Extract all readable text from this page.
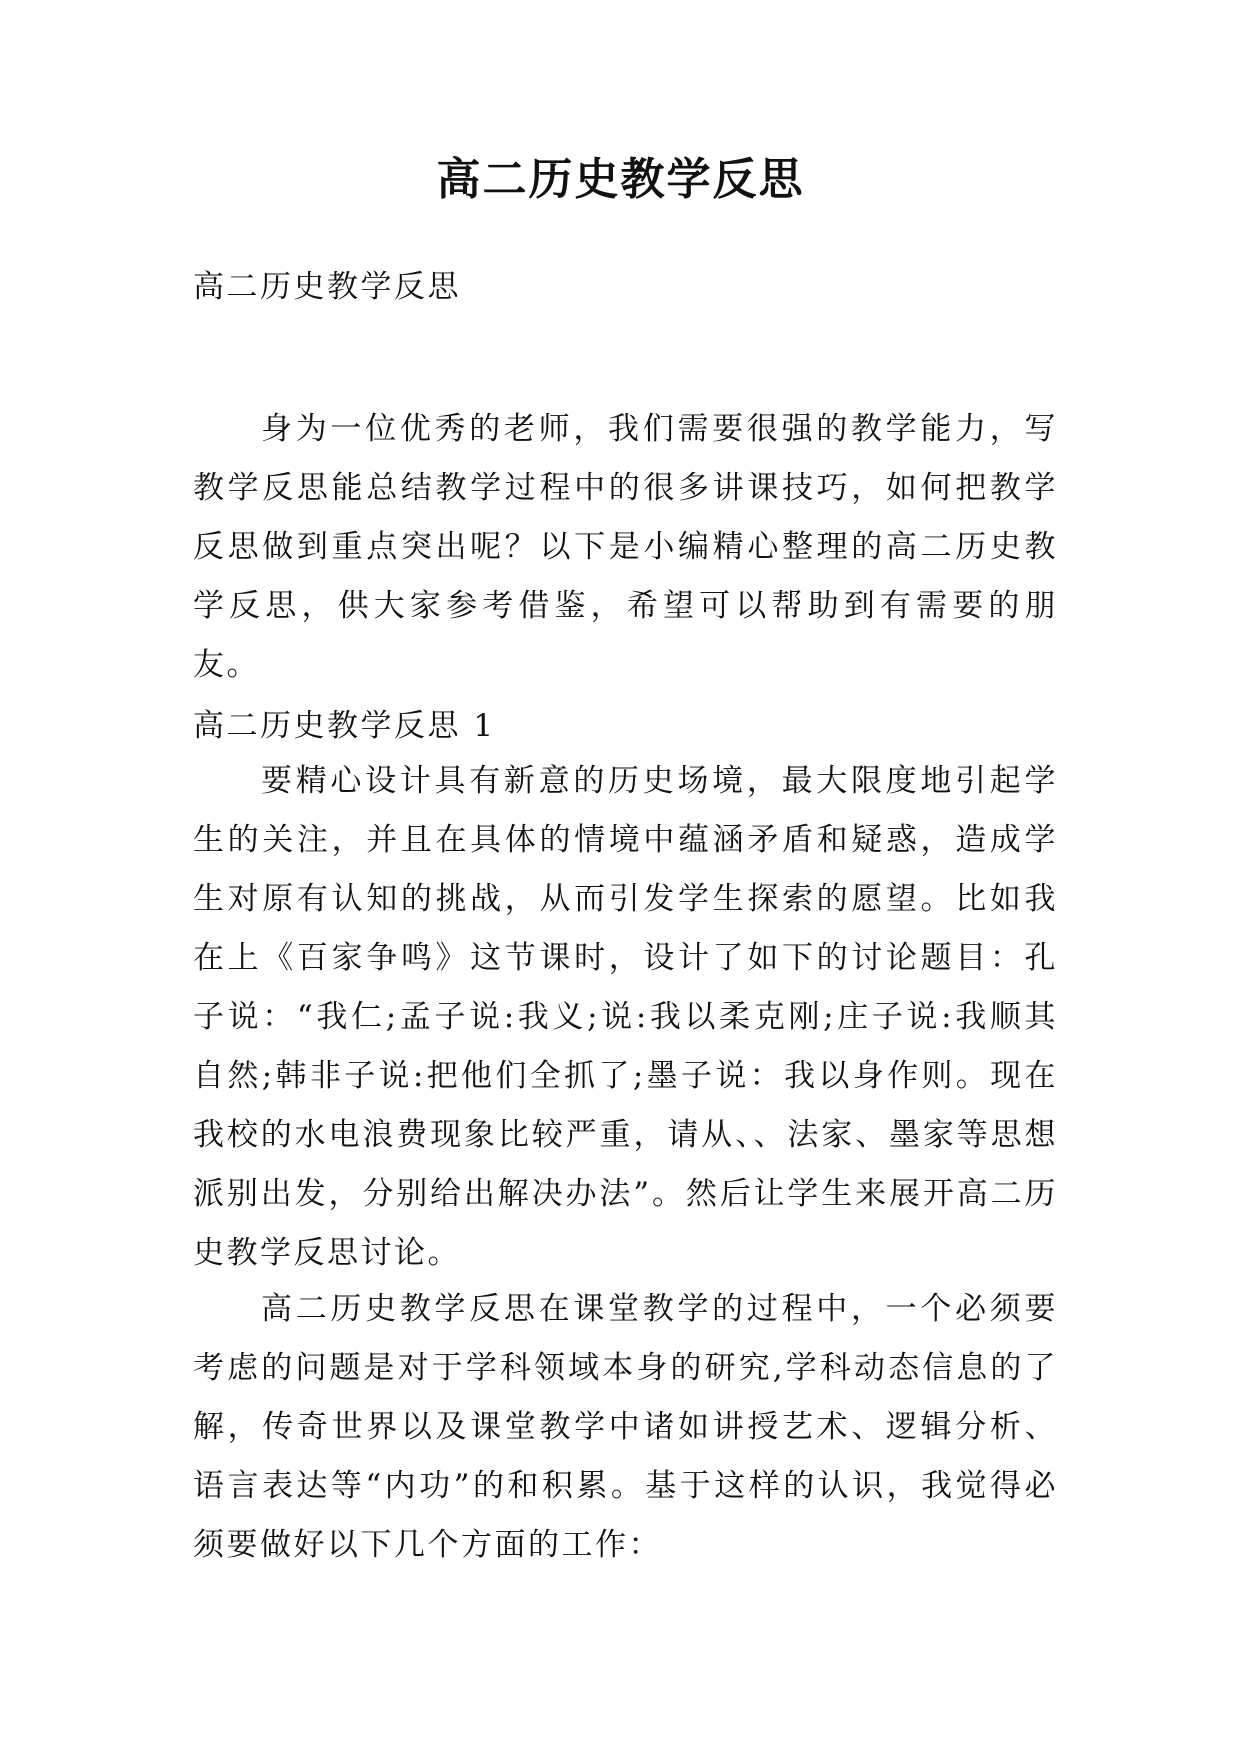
高二历史教学反思

高二历史教学反思

身为一位优秀的老师，我们需要很强的教学能力，写教学反思能总结教学过程中的很多讲课技巧，如何把教学反思做到重点突出呢？以下是小编精心整理的高二历史教学反思，供大家参考借鉴，希望可以帮助到有需要的朋友。

高二历史教学反思 1

要精心设计具有新意的历史场境，最大限度地引起学生的关注，并且在具体的情境中蕴涵矛盾和疑惑，造成学生对原有认知的挑战，从而引发学生探索的愿望。比如我在上《百家争鸣》这节课时，设计了如下的讨论题目：孔子说：“我仁;孟子说:我义;说:我以柔克刚;庄子说:我顺其自然;韩非子说:把他们全抓了;墨子说：我以身作则。现在我校的水电浪费现象比较严重，请从、、法家、墨家等思想派别出发，分别给出解决办法”。然后让学生来展开高二历史教学反思讨论。

高二历史教学反思在课堂教学的过程中，一个必须要考虑的问题是对于学科领域本身的研究,学科动态信息的了解，传奇世界以及课堂教学中诸如讲授艺术、逻辑分析、语言表达等“内功”的和积累。基于这样的认识，我觉得必须要做好以下几个方面的工作：
